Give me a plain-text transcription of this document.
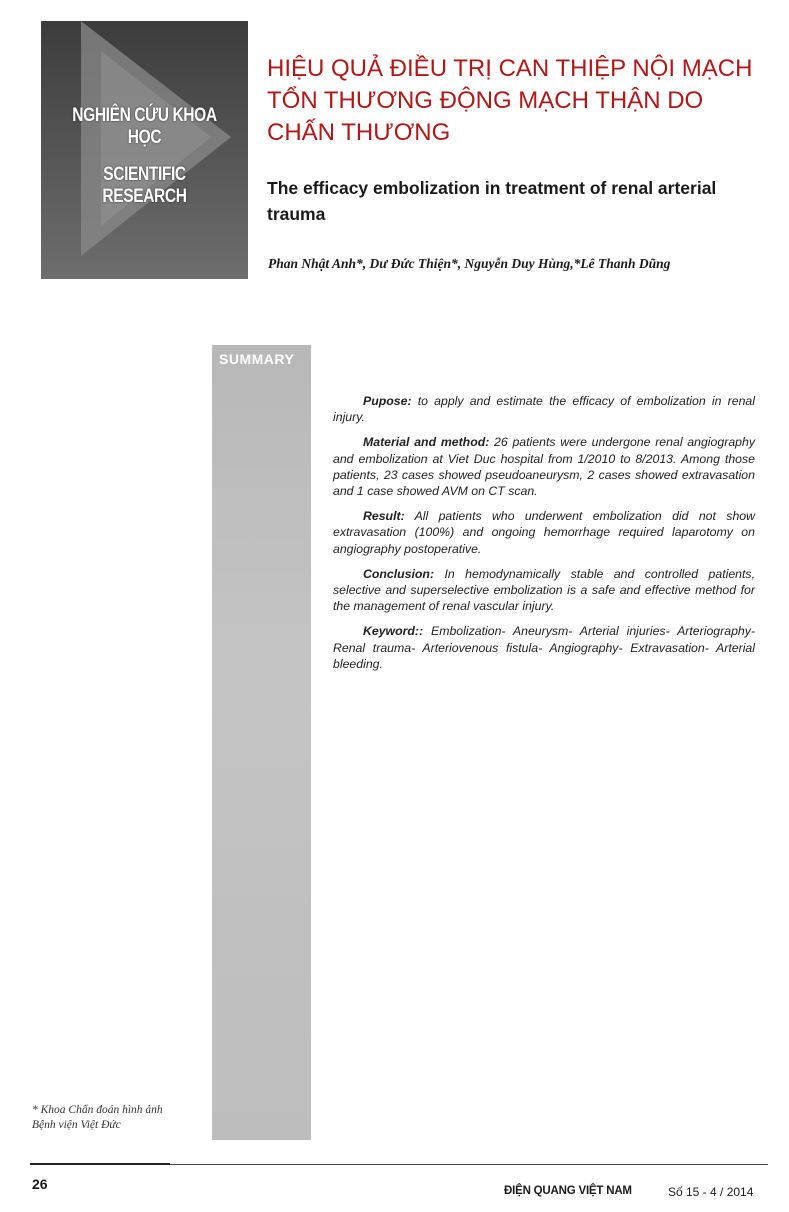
NGHIÊN CỨU KHOA HỌC
SCIENTIFIC RESEARCH
HIỆU QUẢ ĐIỀU TRỊ CAN THIỆP NỘI MẠCH TỔN THƯƠNG ĐỘNG MẠCH THẬN DO CHẤN THƯƠNG
The efficacy embolization in treatment of renal arterial trauma

Phan Nhật Anh*, Dư Đức Thiện*, Nguyễn Duy Hùng,*Lê Thanh Dũng

SUMMARY

Pupose: to apply and estimate the efficacy of embolization in renal injury.

Material and method: 26 patients were undergone renal angiography and embolization at Viet Duc hospital from 1/2010 to 8/2013. Among those patients, 23 cases showed pseudoaneurysm, 2 cases showed extravasation and 1 case showed AVM on CT scan.

Result: All patients who underwent embolization did not show extravasation (100%) and ongoing hemorrhage required laparotomy on angiography postoperative.

Conclusion: In hemodynamically stable and controlled patients, selective and superselective embolization is a safe and effective method for the management of renal vascular injury.

Keyword:: Embolization- Aneurysm- Arterial injuries- Arteriography- Renal trauma- Arteriovenous fistula- Angiography- Extravasation- Arterial bleeding.

* Khoa Chẩn đoán hình ảnh
Bệnh viện Việt Đức
26	ĐIỆN QUANG VIỆT NAM	Số 15 - 4 / 2014
